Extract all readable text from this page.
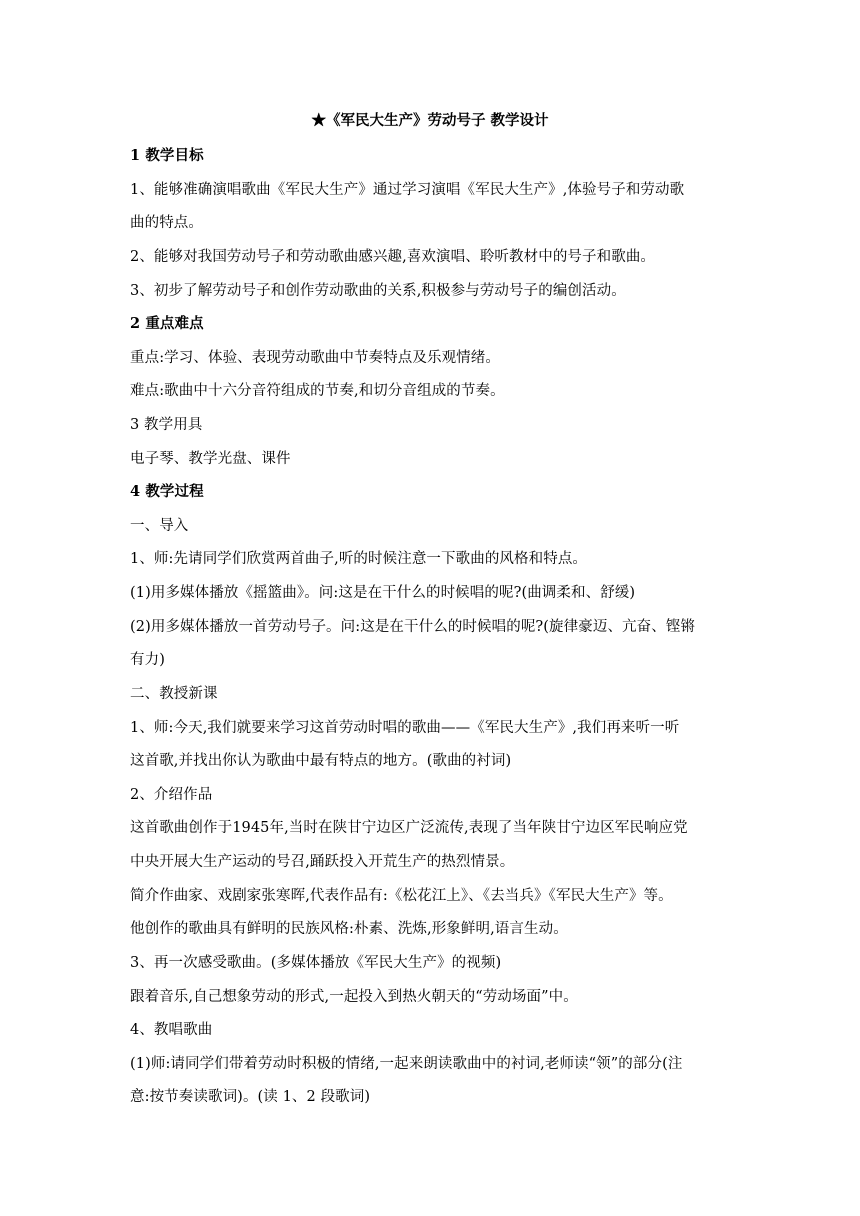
★《军民大生产》劳动号子 教学设计
1 教学目标
1、能够准确演唱歌曲《军民大生产》通过学习演唱《军民大生产》,体验号子和劳动歌
曲的特点。
2、能够对我国劳动号子和劳动歌曲感兴趣,喜欢演唱、聆听教材中的号子和歌曲。
3、初步了解劳动号子和创作劳动歌曲的关系,积极参与劳动号子的编创活动。
2 重点难点
重点:学习、体验、表现劳动歌曲中节奏特点及乐观情绪。
难点:歌曲中十六分音符组成的节奏,和切分音组成的节奏。
3 教学用具
电子琴、教学光盘、课件
4 教学过程
一、导入
1、师:先请同学们欣赏两首曲子,听的时候注意一下歌曲的风格和特点。
(1)用多媒体播放《摇篮曲》。问:这是在干什么的时候唱的呢?(曲调柔和、舒缓)
(2)用多媒体播放一首劳动号子。问:这是在干什么的时候唱的呢?(旋律豪迈、亢奋、铿锵
有力)
二、教授新课
1、师:今天,我们就要来学习这首劳动时唱的歌曲——《军民大生产》,我们再来听一听
这首歌,并找出你认为歌曲中最有特点的地方。(歌曲的衬词)
2、介绍作品
这首歌曲创作于1945年,当时在陕甘宁边区广泛流传,表现了当年陕甘宁边区军民响应党
中央开展大生产运动的号召,踊跃投入开荒生产的热烈情景。
简介作曲家、戏剧家张寒晖,代表作品有:《松花江上》、《去当兵》《军民大生产》等。
他创作的歌曲具有鲜明的民族风格:朴素、洗炼,形象鲜明,语言生动。
3、再一次感受歌曲。(多媒体播放《军民大生产》的视频)
跟着音乐,自己想象劳动的形式,一起投入到热火朝天的“劳动场面”中。
4、教唱歌曲
(1)师:请同学们带着劳动时积极的情绪,一起来朗读歌曲中的衬词,老师读“领”的部分(注
意:按节奏读歌词)。(读 1、2 段歌词)
